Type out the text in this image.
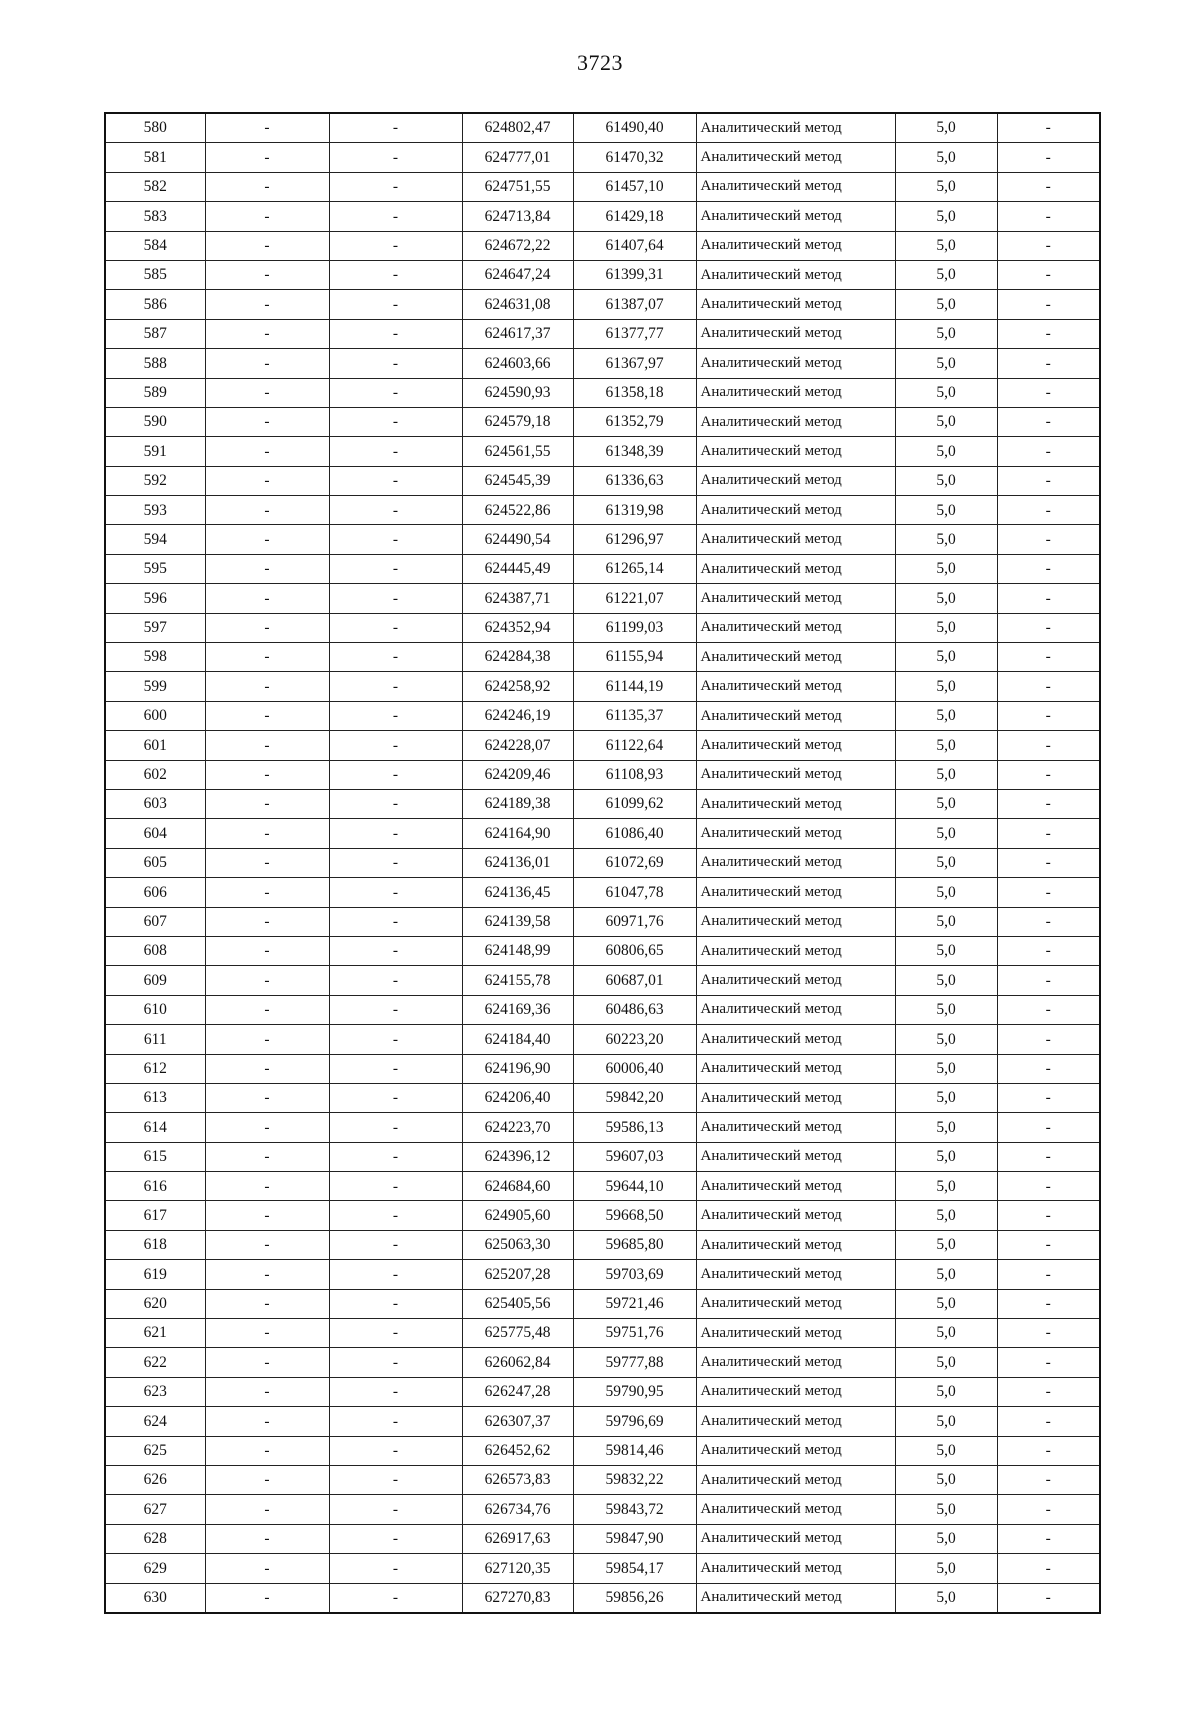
3723
580	-	-	624802,47	61490,40	Аналитический метод	5,0	-
581	-	-	624777,01	61470,32	Аналитический метод	5,0	-
582	-	-	624751,55	61457,10	Аналитический метод	5,0	-
583	-	-	624713,84	61429,18	Аналитический метод	5,0	-
584	-	-	624672,22	61407,64	Аналитический метод	5,0	-
585	-	-	624647,24	61399,31	Аналитический метод	5,0	-
586	-	-	624631,08	61387,07	Аналитический метод	5,0	-
587	-	-	624617,37	61377,77	Аналитический метод	5,0	-
588	-	-	624603,66	61367,97	Аналитический метод	5,0	-
589	-	-	624590,93	61358,18	Аналитический метод	5,0	-
590	-	-	624579,18	61352,79	Аналитический метод	5,0	-
591	-	-	624561,55	61348,39	Аналитический метод	5,0	-
592	-	-	624545,39	61336,63	Аналитический метод	5,0	-
593	-	-	624522,86	61319,98	Аналитический метод	5,0	-
594	-	-	624490,54	61296,97	Аналитический метод	5,0	-
595	-	-	624445,49	61265,14	Аналитический метод	5,0	-
596	-	-	624387,71	61221,07	Аналитический метод	5,0	-
597	-	-	624352,94	61199,03	Аналитический метод	5,0	-
598	-	-	624284,38	61155,94	Аналитический метод	5,0	-
599	-	-	624258,92	61144,19	Аналитический метод	5,0	-
600	-	-	624246,19	61135,37	Аналитический метод	5,0	-
601	-	-	624228,07	61122,64	Аналитический метод	5,0	-
602	-	-	624209,46	61108,93	Аналитический метод	5,0	-
603	-	-	624189,38	61099,62	Аналитический метод	5,0	-
604	-	-	624164,90	61086,40	Аналитический метод	5,0	-
605	-	-	624136,01	61072,69	Аналитический метод	5,0	-
606	-	-	624136,45	61047,78	Аналитический метод	5,0	-
607	-	-	624139,58	60971,76	Аналитический метод	5,0	-
608	-	-	624148,99	60806,65	Аналитический метод	5,0	-
609	-	-	624155,78	60687,01	Аналитический метод	5,0	-
610	-	-	624169,36	60486,63	Аналитический метод	5,0	-
611	-	-	624184,40	60223,20	Аналитический метод	5,0	-
612	-	-	624196,90	60006,40	Аналитический метод	5,0	-
613	-	-	624206,40	59842,20	Аналитический метод	5,0	-
614	-	-	624223,70	59586,13	Аналитический метод	5,0	-
615	-	-	624396,12	59607,03	Аналитический метод	5,0	-
616	-	-	624684,60	59644,10	Аналитический метод	5,0	-
617	-	-	624905,60	59668,50	Аналитический метод	5,0	-
618	-	-	625063,30	59685,80	Аналитический метод	5,0	-
619	-	-	625207,28	59703,69	Аналитический метод	5,0	-
620	-	-	625405,56	59721,46	Аналитический метод	5,0	-
621	-	-	625775,48	59751,76	Аналитический метод	5,0	-
622	-	-	626062,84	59777,88	Аналитический метод	5,0	-
623	-	-	626247,28	59790,95	Аналитический метод	5,0	-
624	-	-	626307,37	59796,69	Аналитический метод	5,0	-
625	-	-	626452,62	59814,46	Аналитический метод	5,0	-
626	-	-	626573,83	59832,22	Аналитический метод	5,0	-
627	-	-	626734,76	59843,72	Аналитический метод	5,0	-
628	-	-	626917,63	59847,90	Аналитический метод	5,0	-
629	-	-	627120,35	59854,17	Аналитический метод	5,0	-
630	-	-	627270,83	59856,26	Аналитический метод	5,0	-
